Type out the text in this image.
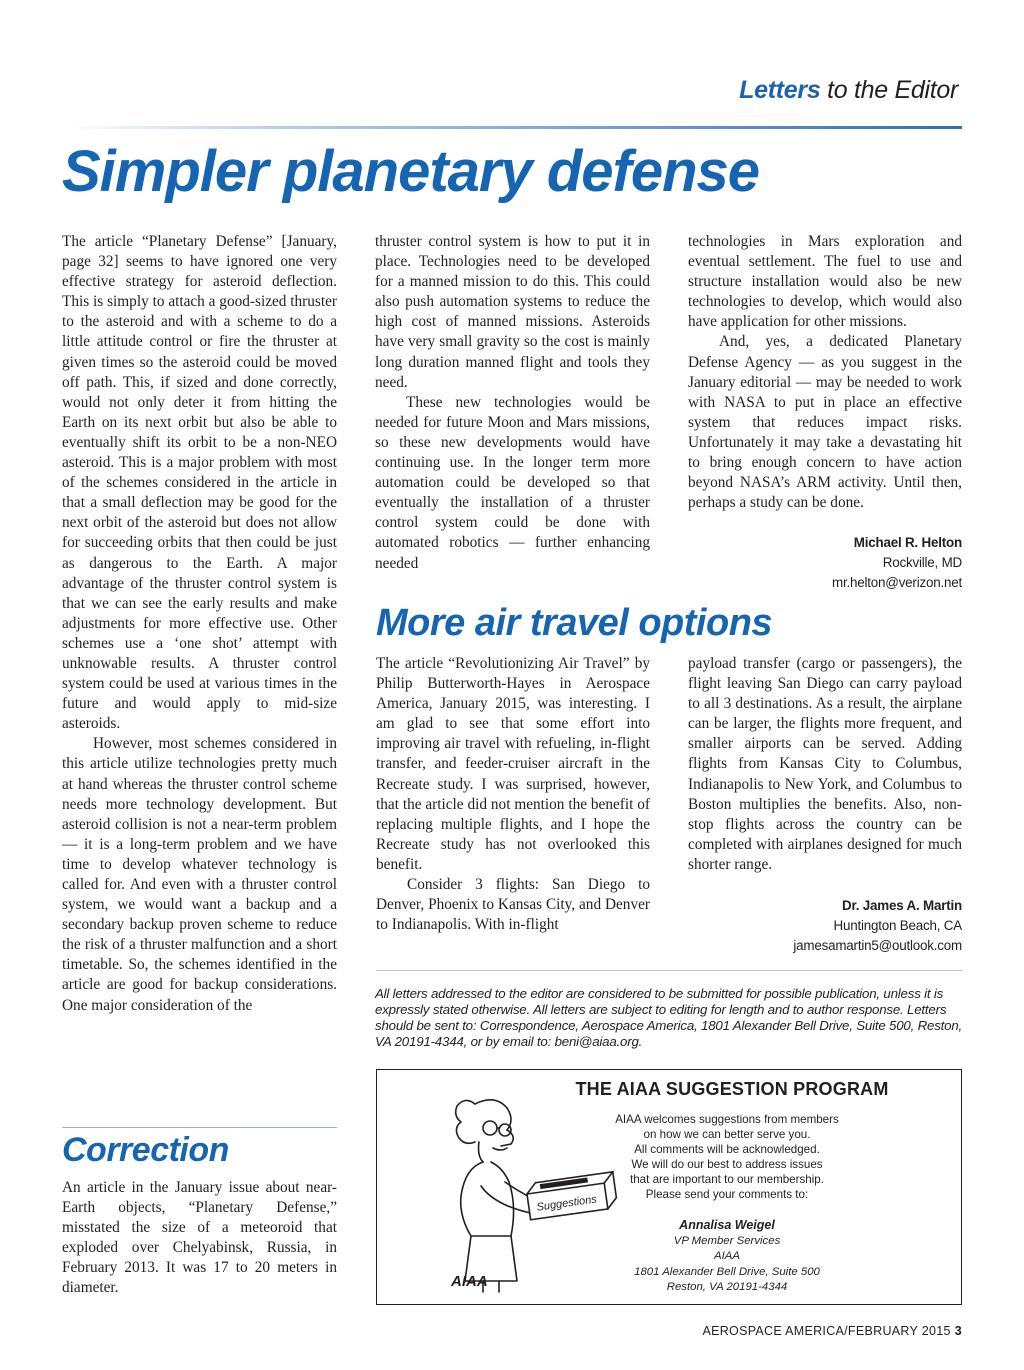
Letters to the Editor
Simpler planetary defense

The article “Planetary Defense” [January, page 32] seems to have ignored one very effective strategy for asteroid deflection. This is simply to attach a good-sized thruster to the asteroid and with a scheme to do a little attitude control or fire the thruster at given times so the asteroid could be moved off path. This, if sized and done correctly, would not only deter it from hitting the Earth on its next orbit but also be able to eventually shift its orbit to be a non-NEO asteroid. This is a major problem with most of the schemes considered in the article in that a small deflection may be good for the next orbit of the asteroid but does not allow for succeeding orbits that then could be just as dangerous to the Earth. A major advantage of the thruster control system is that we can see the early results and make adjustments for more effective use. Other schemes use a ‘one shot’ attempt with unknowable results. A thruster control system could be used at various times in the future and would apply to mid-size asteroids.

However, most schemes considered in this article utilize technologies pretty much at hand whereas the thruster control scheme needs more technology development. But asteroid collision is not a near-term problem — it is a long-term problem and we have time to develop whatever technology is called for. And even with a thruster control system, we would want a backup and a secondary backup proven scheme to reduce the risk of a thruster malfunction and a short timetable. So, the schemes identified in the article are good for backup considerations. One major consideration of the

thruster control system is how to put it in place. Technologies need to be developed for a manned mission to do this. This could also push automation systems to reduce the high cost of manned missions. Asteroids have very small gravity so the cost is mainly long duration manned flight and tools they need.

These new technologies would be needed for future Moon and Mars missions, so these new developments would have continuing use. In the longer term more automation could be developed so that eventually the installation of a thruster control system could be done with automated robotics — further enhancing needed

technologies in Mars exploration and eventual settlement. The fuel to use and structure installation would also be new technologies to develop, which would also have application for other missions.

And, yes, a dedicated Planetary Defense Agency — as you suggest in the January editorial — may be needed to work with NASA to put in place an effective system that reduces impact risks. Unfortunately it may take a devastating hit to bring enough concern to have action beyond NASA’s ARM activity. Until then, perhaps a study can be done.

Michael R. Helton
Rockville, MD
mr.helton@verizon.net
More air travel options

The article “Revolutionizing Air Travel” by Philip Butterworth-Hayes in Aerospace America, January 2015, was interesting. I am glad to see that some effort into improving air travel with refueling, in-flight transfer, and feeder-cruiser aircraft in the Recreate study. I was surprised, however, that the article did not mention the benefit of replacing multiple flights, and I hope the Recreate study has not overlooked this benefit.

Consider 3 flights: San Diego to Denver, Phoenix to Kansas City, and Denver to Indianapolis. With in-flight

payload transfer (cargo or passengers), the flight leaving San Diego can carry payload to all 3 destinations. As a result, the airplane can be larger, the flights more frequent, and smaller airports can be served. Adding flights from Kansas City to Columbus, Indianapolis to New York, and Columbus to Boston multiplies the benefits. Also, non-stop flights across the country can be completed with airplanes designed for much shorter range.

Dr. James A. Martin
Huntington Beach, CA
jamesamartin5@outlook.com
All letters addressed to the editor are considered to be submitted for possible publication, unless it is expressly stated otherwise. All letters are subject to editing for length and to author response. Letters should be sent to: Correspondence, Aerospace America, 1801 Alexander Bell Drive, Suite 500, Reston, VA 20191-4344, or by email to: beni@aiaa.org.
Correction
An article in the January issue about near-Earth objects, “Planetary Defense,” misstated the size of a meteoroid that exploded over Chelyabinsk, Russia, in February 2013. It was 17 to 20 meters in diameter.
Suggestions
AIAA
THE AIAA SUGGESTION PROGRAM
AIAA welcomes suggestions from members
on how we can better serve you.
All comments will be acknowledged.
We will do our best to address issues
that are important to our membership.
Please send your comments to:
Annalisa Weigel
VP Member Services
AIAA
1801 Alexander Bell Drive, Suite 500
Reston, VA 20191-4344
AEROSPACE AMERICA/FEBRUARY 2015 3
